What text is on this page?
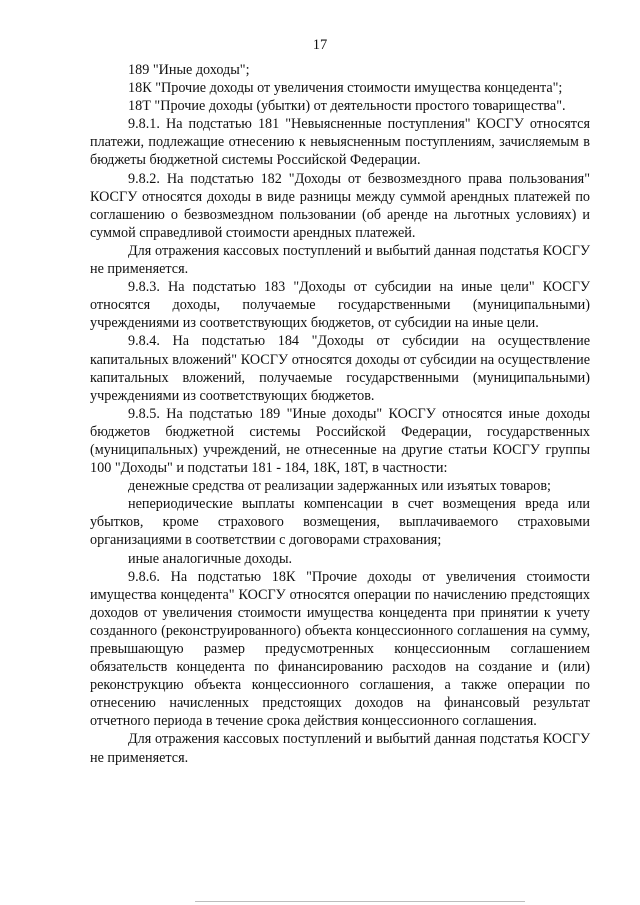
17

189 "Иные доходы";

18К "Прочие доходы от увеличения стоимости имущества концедента";

18Т "Прочие доходы (убытки) от деятельности простого товарищества".

9.8.1. На подстатью 181 "Невыясненные поступления" КОСГУ относятся платежи, подлежащие отнесению к невыясненным поступлениям, зачисляемым в бюджеты бюджетной системы Российской Федерации.

9.8.2. На подстатью 182 "Доходы от безвозмездного права пользования" КОСГУ относятся доходы в виде разницы между суммой арендных платежей по соглашению о безвозмездном пользовании (об аренде на льготных условиях) и суммой справедливой стоимости арендных платежей.

Для отражения кассовых поступлений и выбытий данная подстатья КОСГУ не применяется.

9.8.3. На подстатью 183 "Доходы от субсидии на иные цели" КОСГУ относятся доходы, получаемые государственными (муниципальными) учреждениями из соответствующих бюджетов, от субсидии на иные цели.

9.8.4. На подстатью 184 "Доходы от субсидии на осуществление капитальных вложений" КОСГУ относятся доходы от субсидии на осуществление капитальных вложений, получаемые государственными (муниципальными) учреждениями из соответствующих бюджетов.

9.8.5. На подстатью 189 "Иные доходы" КОСГУ относятся иные доходы бюджетов бюджетной системы Российской Федерации, государственных (муниципальных) учреждений, не отнесенные на другие статьи КОСГУ группы 100 "Доходы" и подстатьи 181 - 184, 18К, 18Т, в частности:

денежные средства от реализации задержанных или изъятых товаров;

непериодические выплаты компенсации в счет возмещения вреда или убытков, кроме страхового возмещения, выплачиваемого страховыми организациями в соответствии с договорами страхования;

иные аналогичные доходы.

9.8.6. На подстатью 18К "Прочие доходы от увеличения стоимости имущества концедента" КОСГУ относятся операции по начислению предстоящих доходов от увеличения стоимости имущества концедента при принятии к учету созданного (реконструированного) объекта концессионного соглашения на сумму, превышающую размер предусмотренных концессионным соглашением обязательств концедента по финансированию расходов на создание и (или) реконструкцию объекта концессионного соглашения, а также операции по отнесению начисленных предстоящих доходов на финансовый результат отчетного периода в течение срока действия концессионного соглашения.

Для отражения кассовых поступлений и выбытий данная подстатья КОСГУ не применяется.
